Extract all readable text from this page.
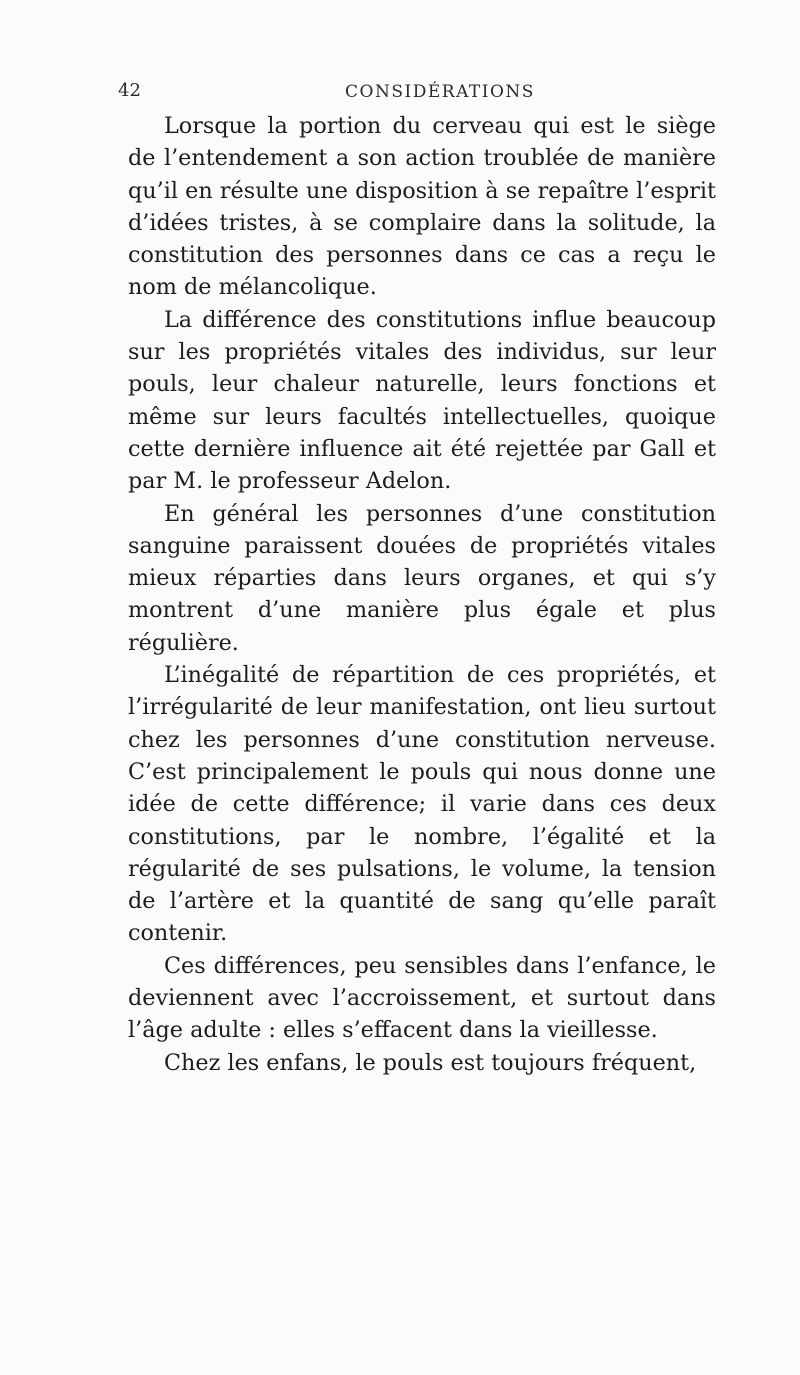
42	CONSIDÉRATIONS

Lorsque la portion du cerveau qui est le siège de l’entendement a son action troublée de manière qu’il en résulte une disposition à se repaître l’esprit d’idées tristes, à se complaire dans la solitude, la constitution des personnes dans ce cas a reçu le nom de mélancolique.

La différence des constitutions influe beaucoup sur les propriétés vitales des individus, sur leur pouls, leur chaleur naturelle, leurs fonctions et même sur leurs facultés intellectuelles, quoique cette dernière influence ait été rejettée par Gall et par M. le professeur Adelon.

En général les personnes d’une constitution sanguine paraissent douées de propriétés vitales mieux réparties dans leurs organes, et qui s’y montrent d’une manière plus égale et plus régulière.

L’inégalité de répartition de ces propriétés, et l’irrégularité de leur manifestation, ont lieu surtout chez les personnes d’une constitution nerveuse. C’est principalement le pouls qui nous donne une idée de cette différence; il varie dans ces deux constitutions, par le nombre, l’égalité et la régularité de ses pulsations, le volume, la tension de l’artère et la quantité de sang qu’elle paraît contenir.

Ces différences, peu sensibles dans l’enfance, le deviennent avec l’accroissement, et surtout dans l’âge adulte : elles s’effacent dans la vieillesse.

Chez les enfans, le pouls est toujours fréquent,
